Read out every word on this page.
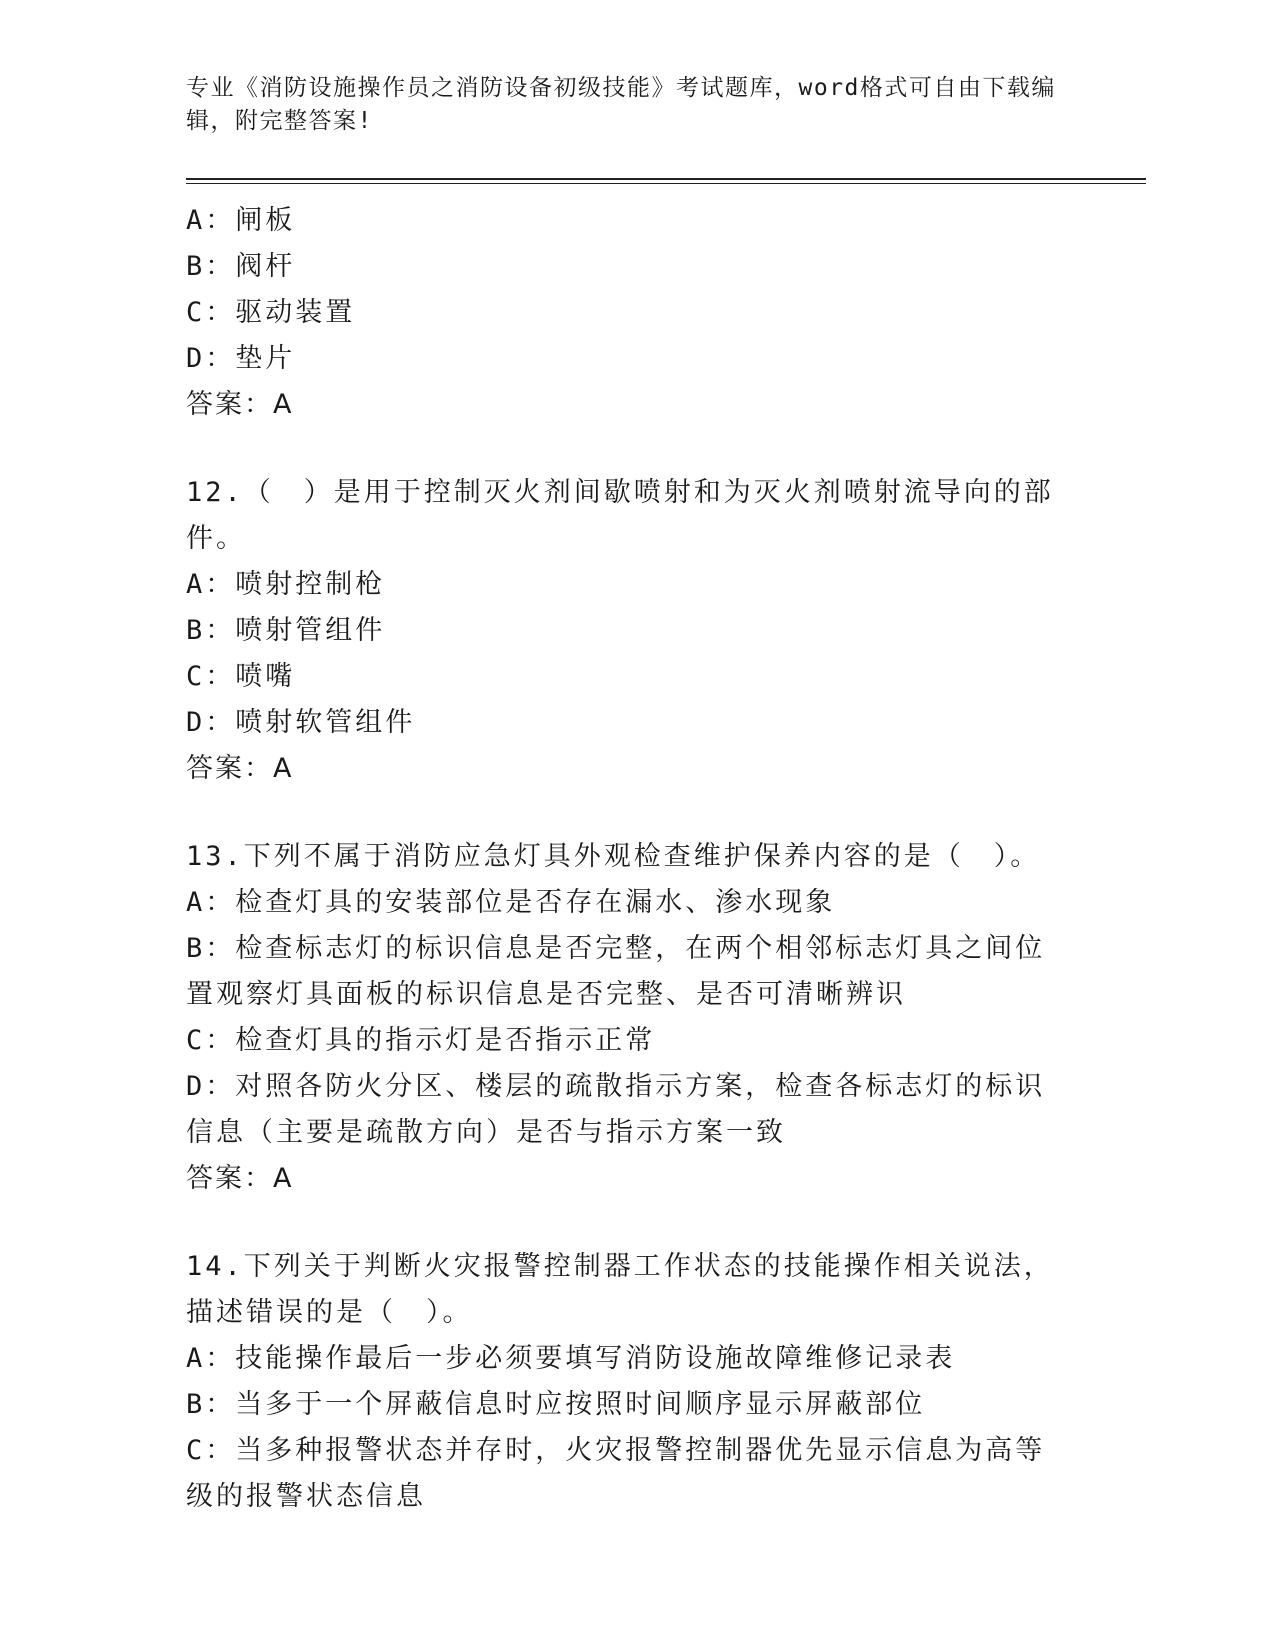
专业《消防设施操作员之消防设备初级技能》考试题库，word格式可自由下载编
辑，附完整答案!

A：闸板

B：阀杆

C：驱动装置

D：垫片

答案：A

12.（　）是用于控制灭火剂间歇喷射和为灭火剂喷射流导向的部件。

A：喷射控制枪

B：喷射管组件

C：喷嘴

D：喷射软管组件

答案：A

13.下列不属于消防应急灯具外观检查维护保养内容的是（　）。

A：检查灯具的安装部位是否存在漏水、渗水现象

B：检查标志灯的标识信息是否完整，在两个相邻标志灯具之间位置观察灯具面板的标识信息是否完整、是否可清晰辨识

C：检查灯具的指示灯是否指示正常

D：对照各防火分区、楼层的疏散指示方案，检查各标志灯的标识信息（主要是疏散方向）是否与指示方案一致

答案：A

14.下列关于判断火灾报警控制器工作状态的技能操作相关说法，描述错误的是（　）。

A：技能操作最后一步必须要填写消防设施故障维修记录表

B：当多于一个屏蔽信息时应按照时间顺序显示屏蔽部位

C：当多种报警状态并存时，火灾报警控制器优先显示信息为高等级的报警状态信息
